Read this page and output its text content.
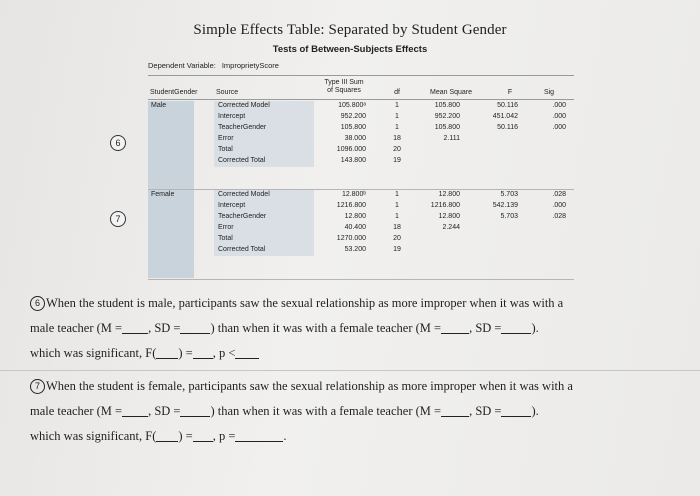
Simple Effects Table: Separated by Student Gender
Tests of Between-Subjects Effects
Dependent Variable: ImproprietyScore
StudentGender	Source
Type III Sum
of Squares	df	Mean Square	F	Sig
Male	Corrected Model	105.800ᵃ	1	105.800	50.116	.000
Intercept	952.200	1	952.200	451.042	.000
TeacherGender	105.800	1	105.800	50.116	.000
Error	38.000	18	2.111
Total	1096.000	20
Corrected Total	143.800	19
Female	Corrected Model	12.800ᵇ	1	12.800	5.703	.028
Intercept	1216.800	1	1216.800	542.139	.000
TeacherGender	12.800	1	12.800	5.703	.028
Error	40.400	18	2.244
Total	1270.000	20
Corrected Total	53.200	19
6
7
6 When the student is male, participants saw the sexual relationship as more improper when it was with a
male teacher (M = , SD = ) than when it was with a female teacher (M = , SD = ).
which was significant, F( ) = , p <
7 When the student is female, participants saw the sexual relationship as more improper when it was with a
male teacher (M = , SD = ) than when it was with a female teacher (M = , SD = ).
which was significant, F( ) = , p =	.
